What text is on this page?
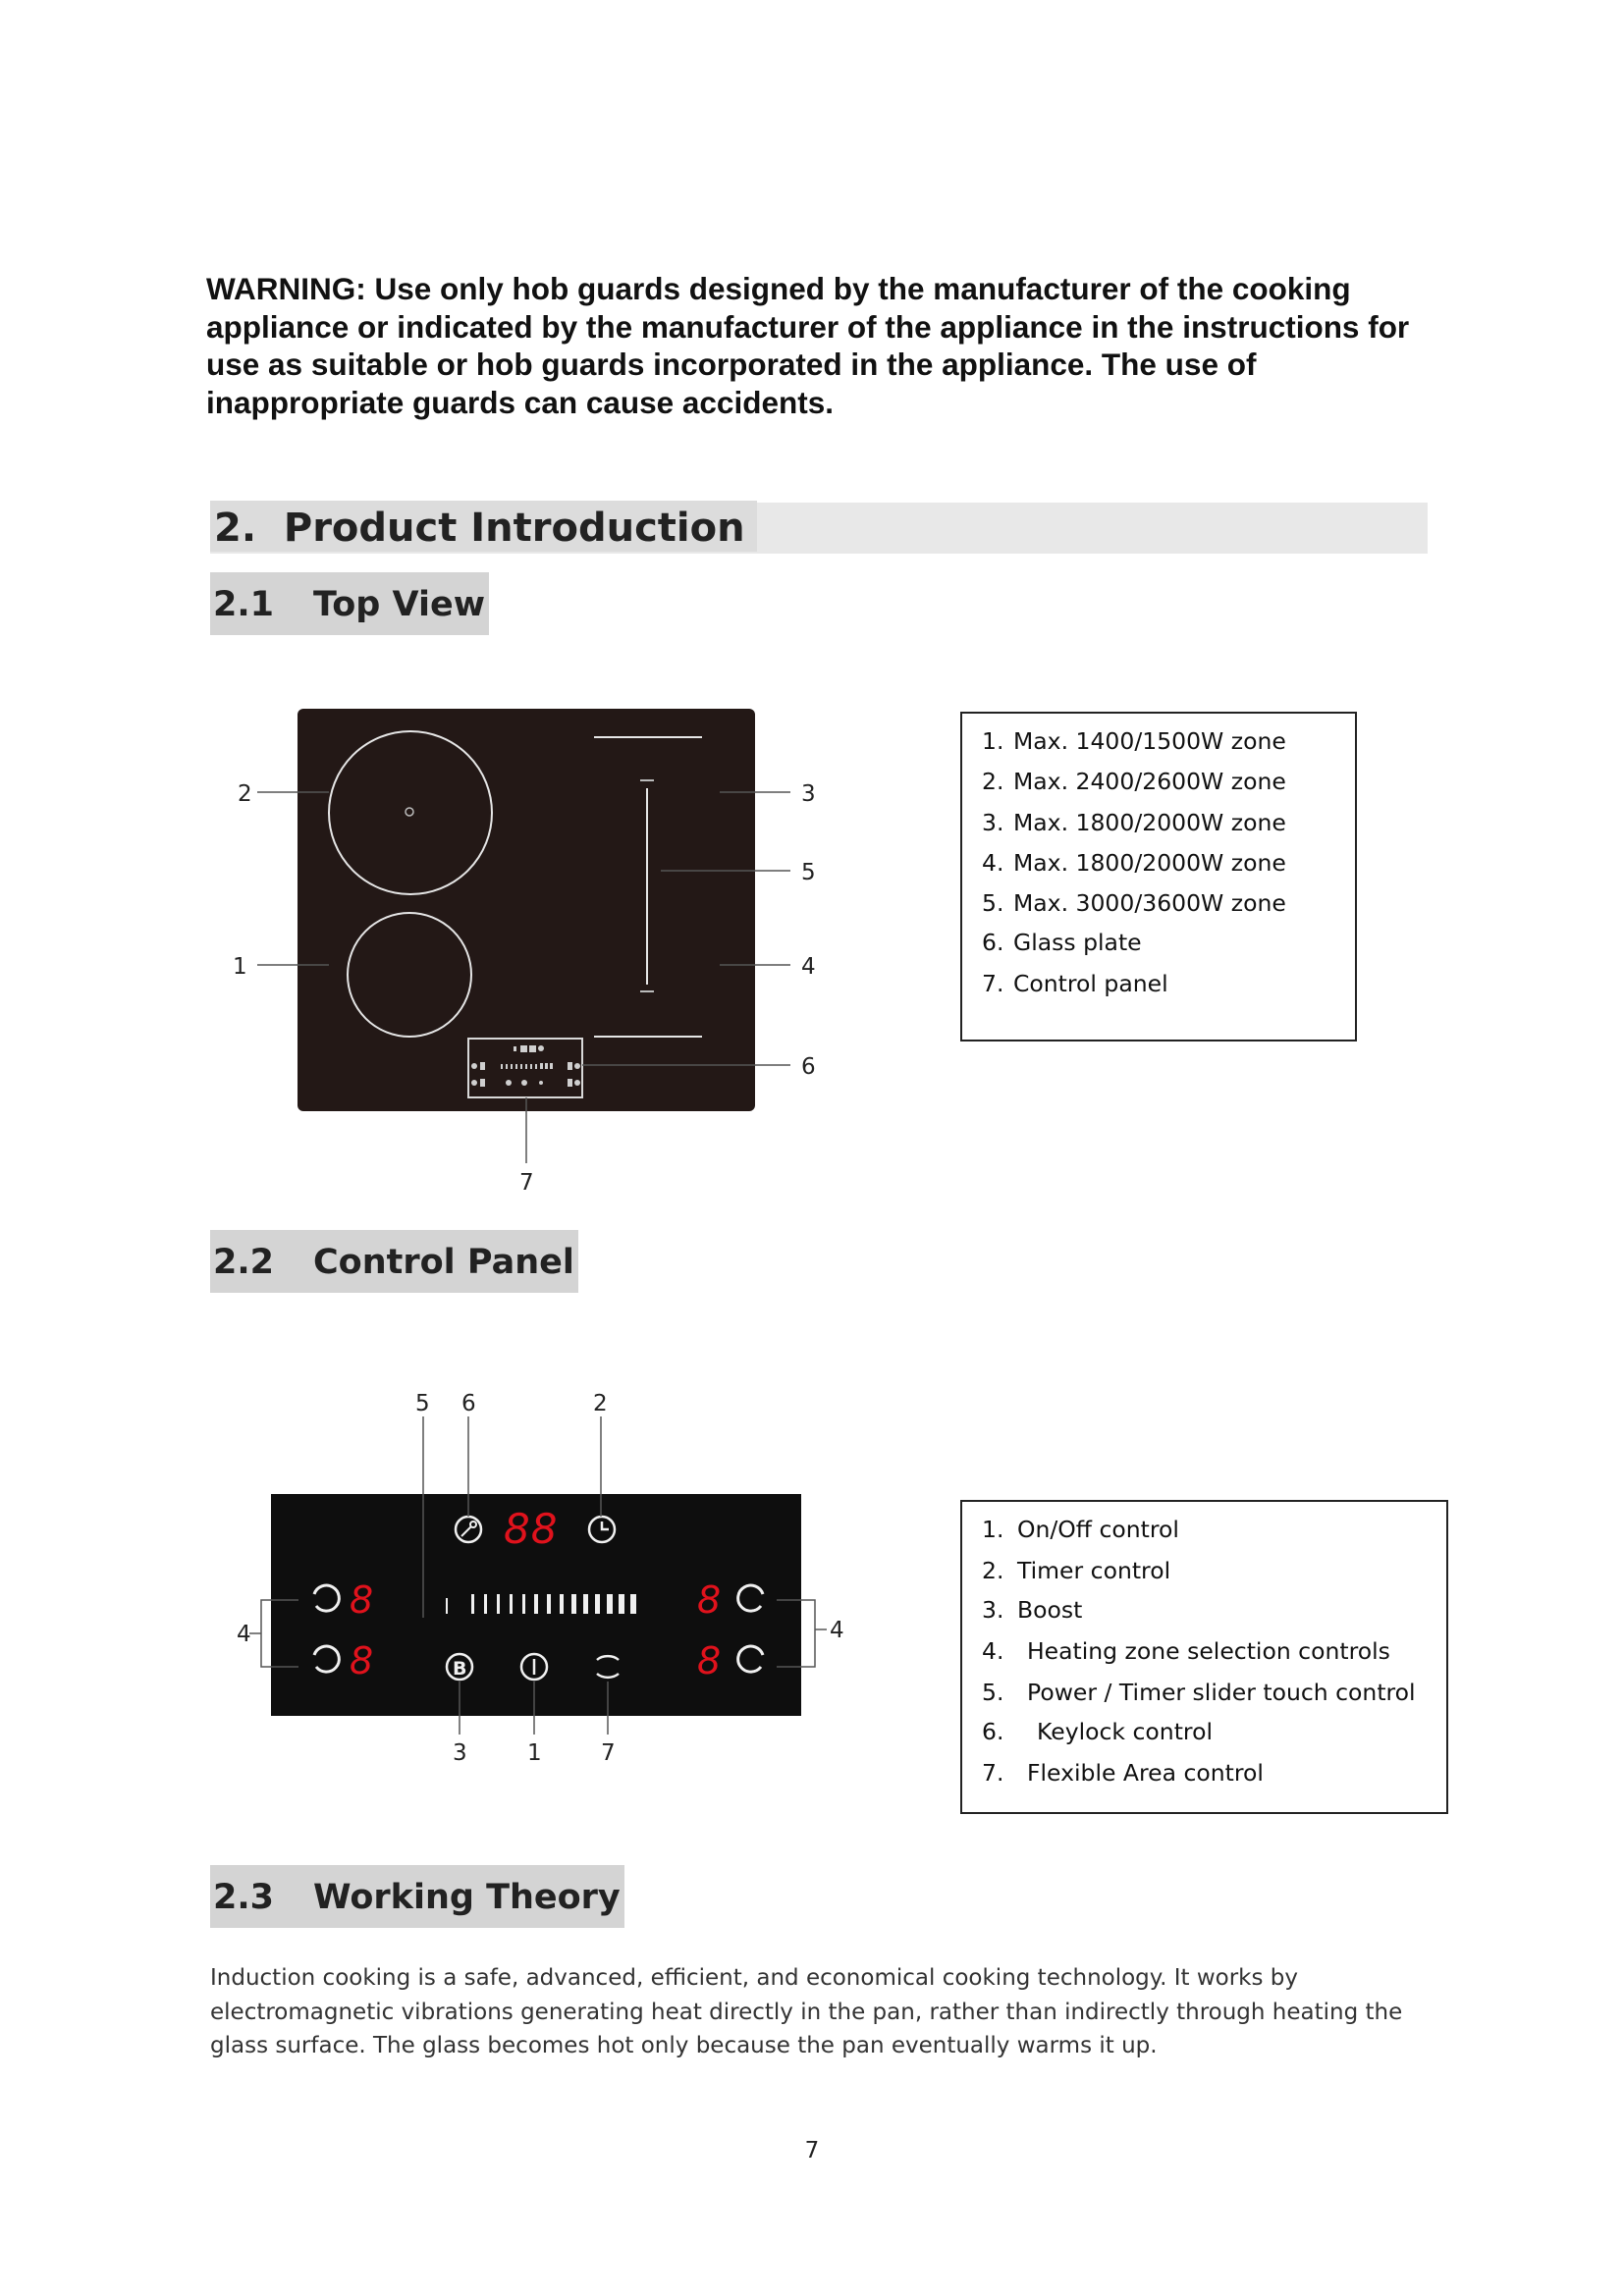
WARNING: Use only hob guards designed by the manufacturer of the cooking appliance or indicated by the manufacturer of the appliance in the instructions for use as suitable or hob guards incorporated in the appliance. The use of inappropriate guards can cause accidents.

2. Product Introduction
2.1 Top View
2
1
3
5
4
6
7
1. Max. 1400/1500W zone
2. Max. 2400/2600W zone
3. Max. 1800/2000W zone
4. Max. 1800/2000W zone
5. Max. 3000/3600W zone
6. Glass plate
7. Control panel
2.2 Control Panel
88
8
8
8
8
B
5 6	2
4	4
3	1	7
1. On/Off control
2. Timer control
3. Boost
4. Heating zone selection controls
5. Power / Timer slider touch control
6. Keylock control
7. Flexible Area control
2.3 Working Theory

Induction cooking is a safe, advanced, efficient, and economical cooking technology. It works by electromagnetic vibrations generating heat directly in the pan, rather than indirectly through heating the glass surface. The glass becomes hot only because the pan eventually warms it up.

7
